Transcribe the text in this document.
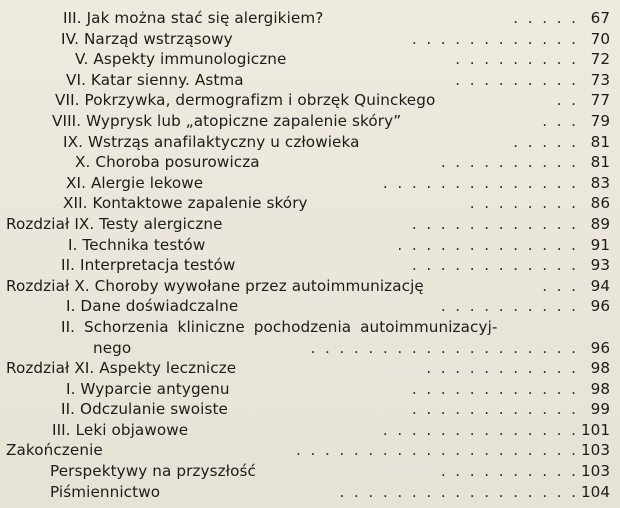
III. Jak można stać się alergikiem?	.  .  .  .  . 67
IV. Narząd wstrząsowy	.  .  .  .  .  .  .  .  .  .  .  . 70
V. Aspekty immunologiczne	.  .  .  .  .  .  .  .  . 72
VI. Katar sienny. Astma	.  .  .  .  .  .  .  .  . 73
VII. Pokrzywka, dermografizm i obrzęk Quinckego	.  . 77
VIII. Wyprysk lub „atopiczne zapalenie skóry”	.  .  . 79
IX. Wstrząs anafilaktyczny u człowieka	.  .  .  .  . 81
X. Choroba posurowicza	.  .  .  .  .  .  .  .  .  . 81
XI. Alergie lekowe	.  .  .  .  .  .  .  .  .  .  .  .  .  . 83
XII. Kontaktowe zapalenie skóry	.  .  .  .  .  .  .  . 86
Rozdział IX. Testy alergiczne	.  .  .  .  .  .  .  .  .  .  .  . 89
I. Technika testów	.  .  .  .  .  .  .  .  .  .  .  .  . 91
II. Interpretacja testów	.  .  .  .  .  .  .  .  .  .  .  . 93
Rozdział X. Choroby wywołane przez autoimmunizację	.  .  . 94
I. Dane doświadczalne	.  .  .  .  .  .  .  .  .  . 96
II. Schorzenia kliniczne pochodzenia autoimmunizacyj-
nego	.  .  .  .  .  .  .  .  .  .  .  .  .  .  .  .  .  .  . 96
Rozdział XI. Aspekty lecznicze	.  .  .  .  .  .  .  .  .  .  . 98
I. Wyparcie antygenu	.  .  .  .  .  .  .  .  .  .  .  . 98
II. Odczulanie swoiste	.  .  .  .  .  .  .  .  .  .  .  . 99
III. Leki objawowe	.  .  .  .  .  .  .  .  .  .  .  .  .  . 101
Zakończenie	.  .  .  .  .  .  .  .  .  .  .  .  .  .  .  .  .  .  .  . 103
Perspektywy na przyszłość	.  .  .  .  .  .  .  .  .  . 103
Piśmiennictwo	.  .  .  .  .  .  .  .  .  .  .  .  .  .  .  .  . 104
